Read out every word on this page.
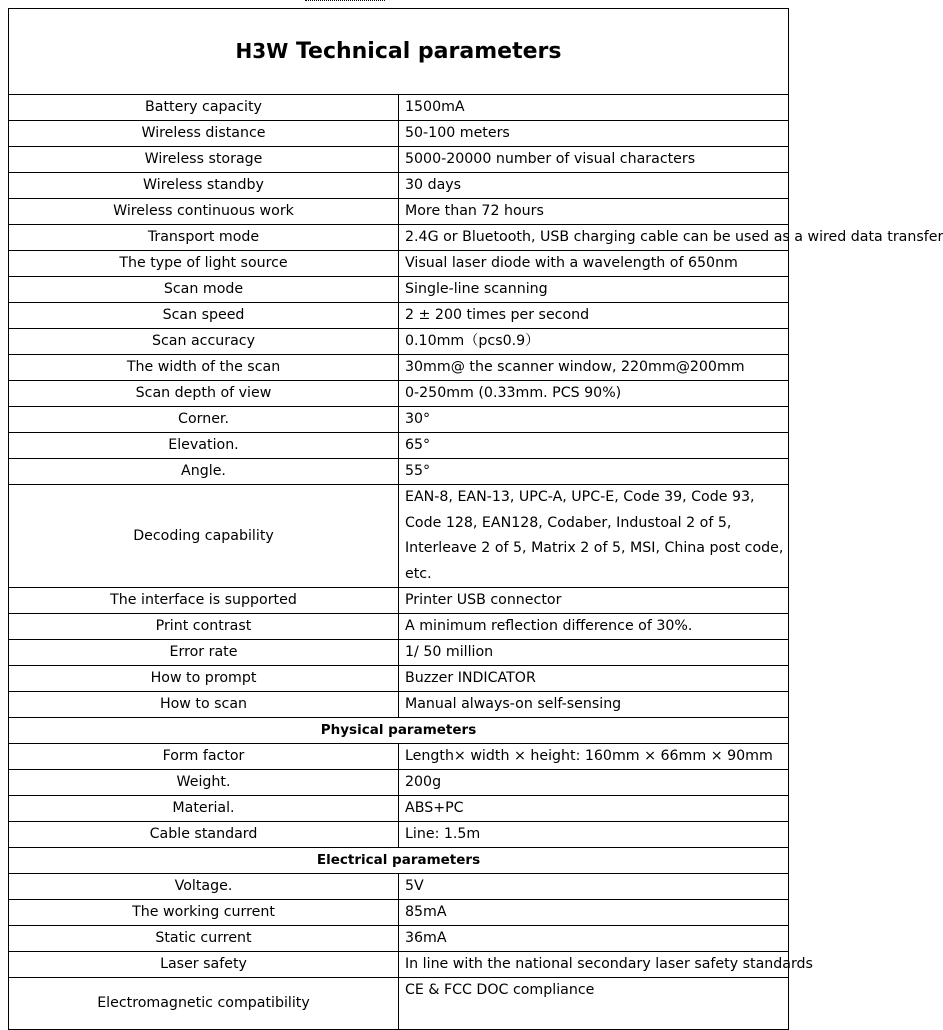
H3W Technical parameters	
Battery capacity	1500mA
Wireless distance	50-100 meters
Wireless storage	5000-20000 number of visual characters
Wireless standby	30 days
Wireless continuous work	More than 72 hours
Transport mode	2.4G or Bluetooth, USB charging cable can be used as a wired data transfer
The type of light source	Visual laser diode with a wavelength of 650nm
Scan mode	Single-line scanning
Scan speed	2 ± 200 times per second
Scan accuracy	0.10mm（pcs0.9）
The width of the scan	30mm@ the scanner window, 220mm@200mm
Scan depth of view	0-250mm (0.33mm. PCS 90%)
Corner.	30°
Elevation.	65°
Angle.	55°
Decoding capability	EAN-8, EAN-13, UPC-A, UPC-E, Code 39, Code 93, Code 128, EAN128, Codaber, Industoal 2 of 5, Interleave 2 of 5, Matrix 2 of 5, MSI, China post code, etc.
The interface is supported	Printer USB connector
Print contrast	A minimum reflection difference of 30%.
Error rate	1/ 50 million
How to prompt	Buzzer INDICATOR
How to scan	Manual always-on self-sensing
Physical parameters	
Form factor	Length× width × height: 160mm × 66mm × 90mm
Weight.	200g
Material.	ABS+PC
Cable standard	Line: 1.5m
Electrical parameters	
Voltage.	5V
The working current	85mA
Static current	36mA
Laser safety	In line with the national secondary laser safety standards
Electromagnetic compatibility	CE & FCC DOC compliance
